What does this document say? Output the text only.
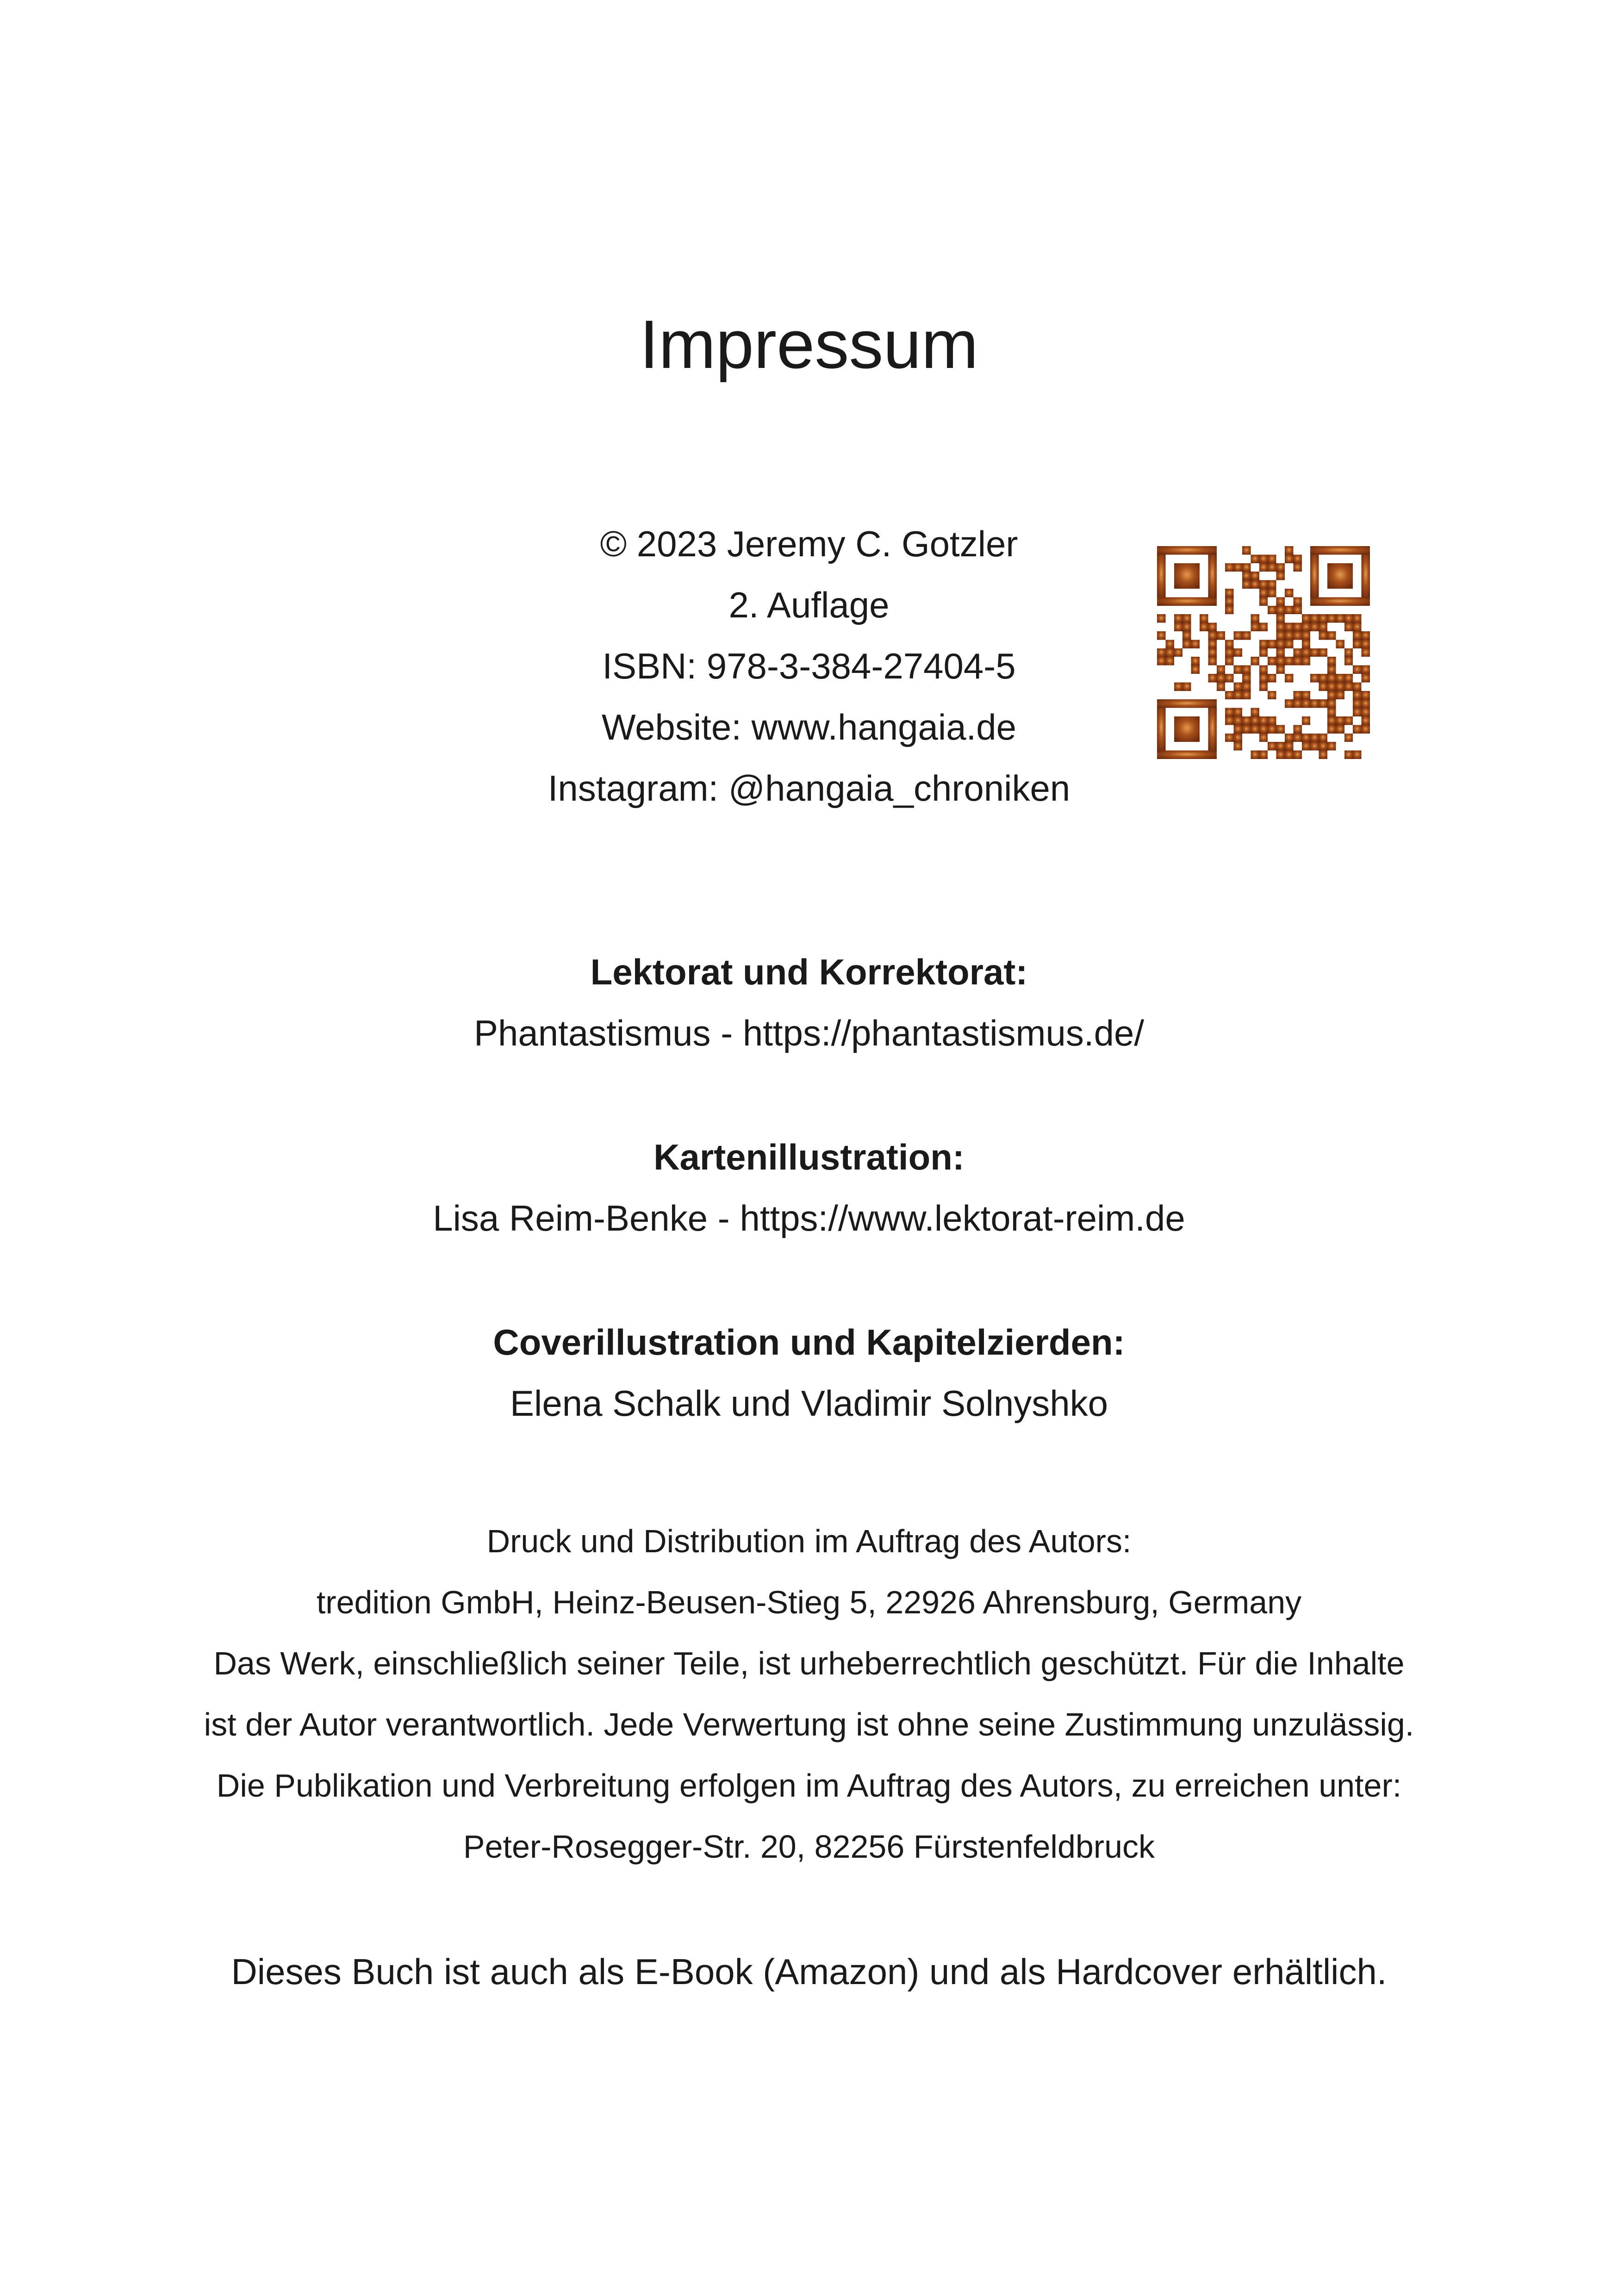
Impressum
© 2023 Jeremy C. Gotzler
2. Auflage
ISBN: 978-3-384-27404-5
Website: www.hangaia.de
Instagram: @hangaia_chroniken
Lektorat und Korrektorat:
Phantastismus - https://phantastismus.de/
Kartenillustration:
Lisa Reim-Benke - https://www.lektorat-reim.de
Coverillustration und Kapitelzierden:
Elena Schalk und Vladimir Solnyshko
Druck und Distribution im Auftrag des Autors:
tredition GmbH, Heinz-Beusen-Stieg 5, 22926 Ahrensburg, Germany
Das Werk, einschließlich seiner Teile, ist urheberrechtlich geschützt. Für die Inhalte
ist der Autor verantwortlich. Jede Verwertung ist ohne seine Zustimmung unzulässig.
Die Publikation und Verbreitung erfolgen im Auftrag des Autors, zu erreichen unter:
Peter-Rosegger-Str. 20, 82256 Fürstenfeldbruck
Dieses Buch ist auch als E-Book (Amazon) und als Hardcover erhältlich.
